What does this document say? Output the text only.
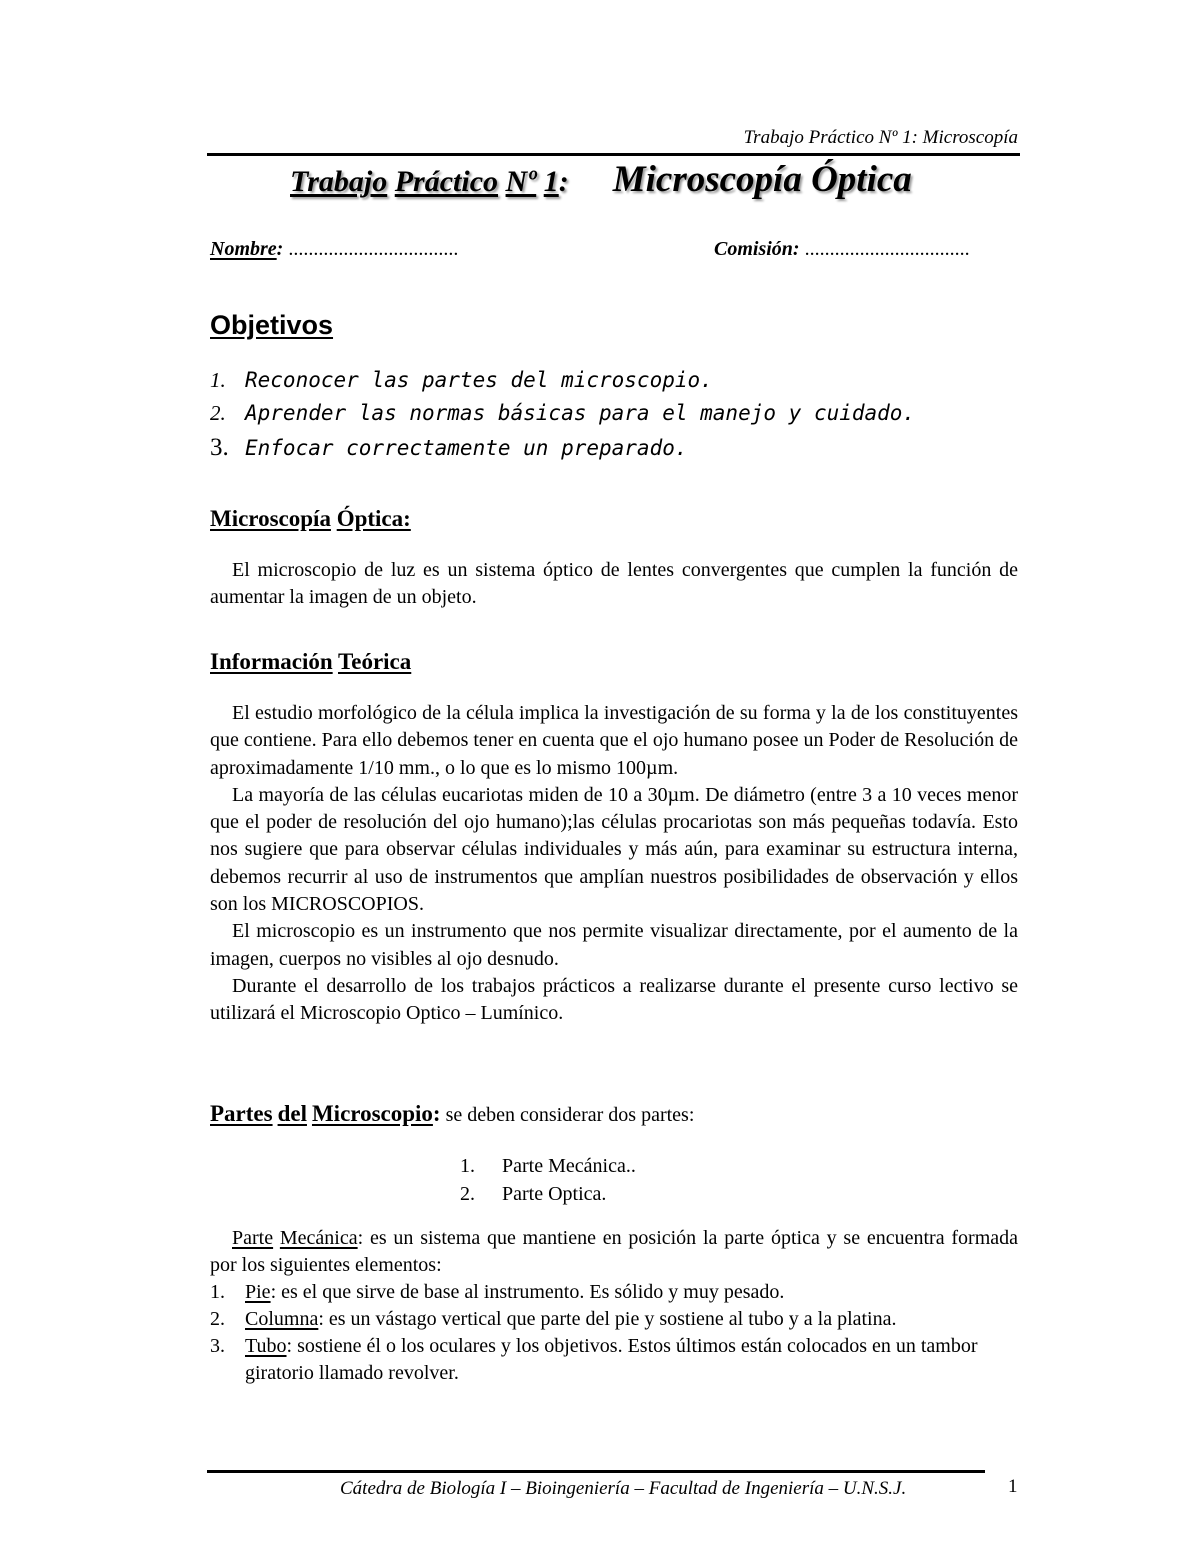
Trabajo Práctico Nº 1: Microscopía
Trabajo Práctico Nº 1: Microscopía Óptica
Nombre: ..................................	Comisión: .................................
Objetivos
1. Reconocer las partes del microscopio.
2. Aprender las normas básicas para el manejo y cuidado.
3. Enfocar correctamente un preparado.
Microscopía Óptica:

El microscopio de luz es un sistema óptico de lentes convergentes que cumplen la función de aumentar la imagen de un objeto.

Información Teórica

El estudio morfológico de la célula implica la investigación de su forma y la de los constituyentes que contiene. Para ello debemos tener en cuenta que el ojo humano posee un Poder de Resolución de aproximadamente 1/10 mm., o lo que es lo mismo 100µm.

La mayoría de las células eucariotas miden de 10 a 30µm. De diámetro (entre 3 a 10 veces menor que el poder de resolución del ojo humano);las células procariotas son más pequeñas todavía. Esto nos sugiere que para observar células individuales y más aún, para examinar su estructura interna, debemos recurrir al uso de instrumentos que amplían nuestros posibilidades de observación y ellos son los MICROSCOPIOS.

El microscopio es un instrumento que nos permite visualizar directamente, por el aumento de la imagen, cuerpos no visibles al ojo desnudo.

Durante el desarrollo de los trabajos prácticos a realizarse durante el presente curso lectivo se utilizará el Microscopio Optico – Lumínico.

Partes del Microscopio: se deben considerar dos partes:
1. Parte Mecánica..
2. Parte Optica.

Parte Mecánica: es un sistema que mantiene en posición la parte óptica y se encuentra formada por los siguientes elementos:

1. Pie: es el que sirve de base al instrumento. Es sólido y muy pesado.
2. Columna: es un vástago vertical que parte del pie y sostiene al tubo y a la platina.
3. Tubo: sostiene él o los oculares y los objetivos. Estos últimos están colocados en un tambor giratorio llamado revolver.
Cátedra de Biología I – Bioingeniería – Facultad de Ingeniería – U.N.S.J.	1
